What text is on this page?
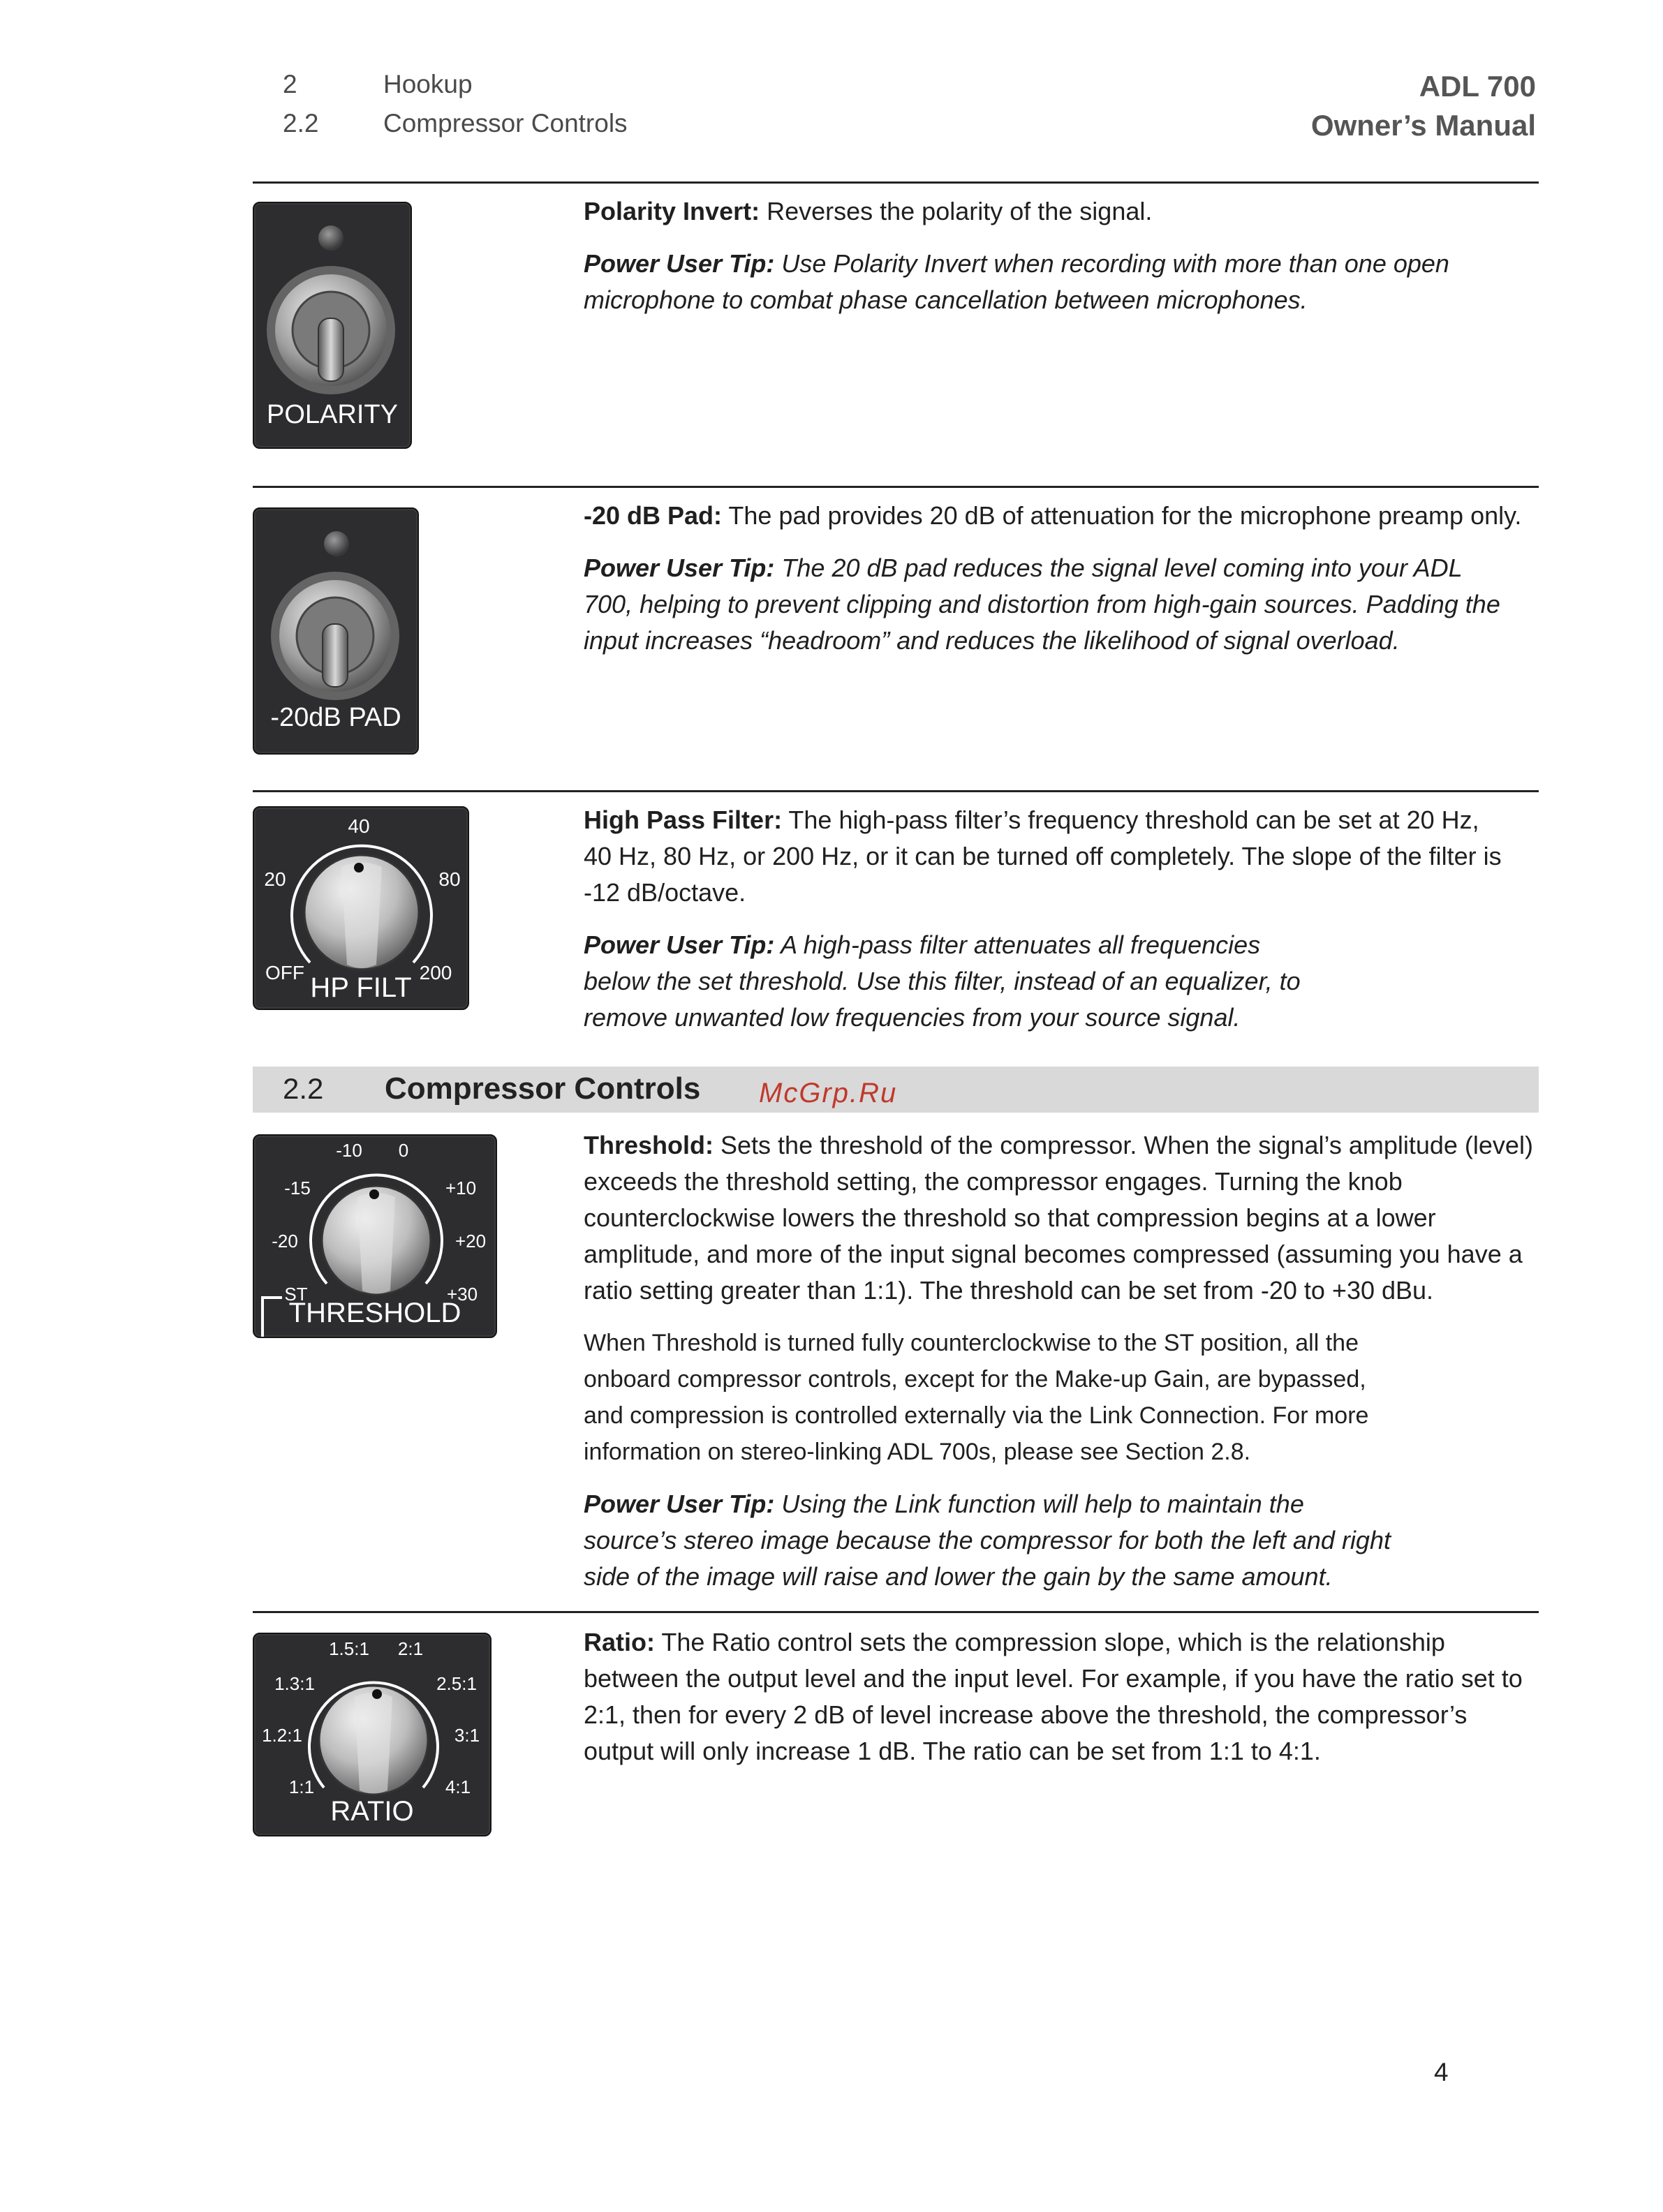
2	Hookup
2.2	Compressor Controls
ADL 700
Owner’s Manual
POLARITY

Polarity Invert: Reverses the polarity of the signal.

Power User Tip: Use Polarity Invert when recording with more than one open microphone to combat phase cancellation between microphones.

-20dB PAD

-20 dB Pad: The pad provides 20 dB of attenuation for the microphone preamp only.

Power User Tip: The 20 dB pad reduces the signal level coming into your ADL 700, helping to prevent clipping and distortion from high-gain sources. Padding the input increases “headroom” and reduces the likelihood of signal overload.

40
20	80
OFF	200
HP FILT

High Pass Filter: The high-pass filter’s frequency threshold can be set at 20 Hz, 40 Hz, 80 Hz, or 200 Hz, or it can be turned off completely. The slope of the filter is -12 dB/octave.

Power User Tip: A high-pass filter attenuates all frequencies below the set threshold. Use this filter, instead of an equalizer, to remove unwanted low frequencies from your source signal.

2.2 Compressor Controls McGrp.Ru
ST
-20
-15
-10 0
+10
+20
+30
THRESHOLD

Threshold: Sets the threshold of the compressor. When the signal’s amplitude (level) exceeds the threshold setting, the compressor engages. Turning the knob counterclockwise lowers the threshold so that compression begins at a lower amplitude, and more of the input signal becomes compressed (assuming you have a ratio setting greater than 1:1). The threshold can be set from -20 to +30 dBu.

When Threshold is turned fully counterclockwise to the ST position, all the onboard compressor controls, except for the Make-up Gain, are bypassed, and compression is controlled externally via the Link Connection. For more information on stereo-linking ADL 700s, please see Section 2.8.

Power User Tip: Using the Link function will help to maintain the source’s stereo image because the compressor for both the left and right side of the image will raise and lower the gain by the same amount.

1:1
1.2:1
1.3:1
1.5:1 2:1
2.5:1
3:1
4:1
RATIO

Ratio: The Ratio control sets the compression slope, which is the relationship between the output level and the input level. For example, if you have the ratio set to 2:1, then for every 2 dB of level increase above the threshold, the compressor’s output will only increase 1 dB. The ratio can be set from 1:1 to 4:1.

4
